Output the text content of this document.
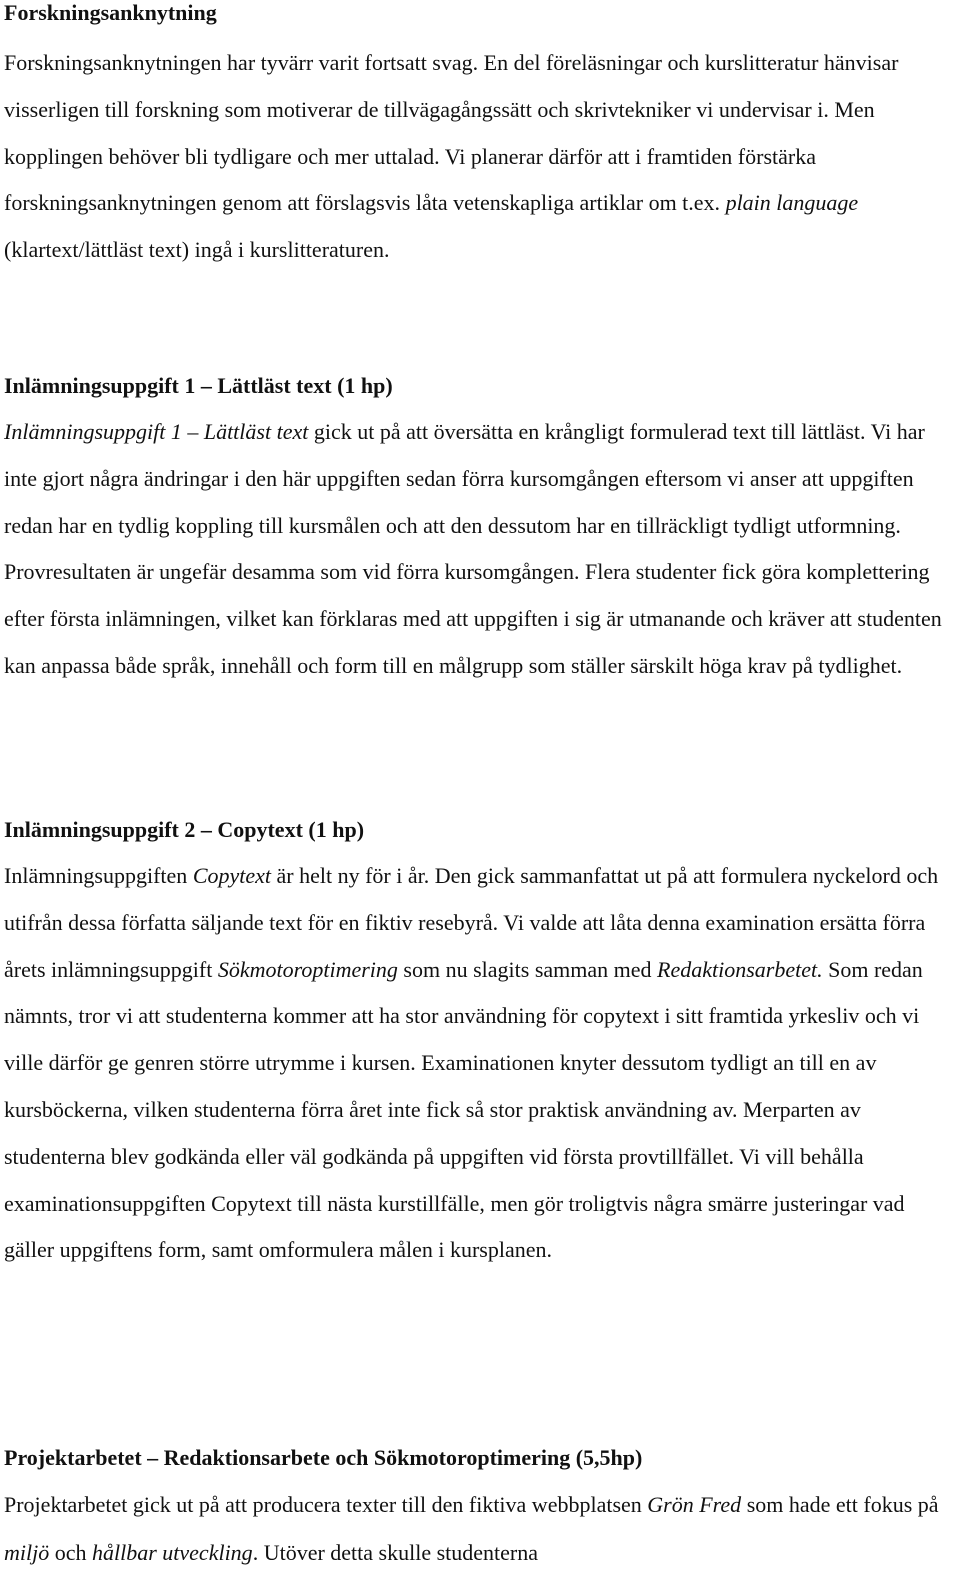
Forskningsanknytning

Forskningsanknytningen har tyvärr varit fortsatt svag. En del föreläsningar och kurslitteratur hänvisar visserligen till forskning som motiverar de tillvägagångssätt och skrivtekniker vi undervisar i. Men kopplingen behöver bli tydligare och mer uttalad. Vi planerar därför att i framtiden förstärka forskningsanknytningen genom att förslagsvis låta vetenskapliga artiklar om t.ex. plain language (klartext/lättläst text) ingå i kurslitteraturen.

Inlämningsuppgift 1 – Lättläst text (1 hp)

Inlämningsuppgift 1 – Lättläst text gick ut på att översätta en krångligt formulerad text till lättläst. Vi har inte gjort några ändringar i den här uppgiften sedan förra kursomgången eftersom vi anser att uppgiften redan har en tydlig koppling till kursmålen och att den dessutom har en tillräckligt tydligt utformning. Provresultaten är ungefär desamma som vid förra kursomgången. Flera studenter fick göra komplettering efter första inlämningen, vilket kan förklaras med att uppgiften i sig är utmanande och kräver att studenten kan anpassa både språk, innehåll och form till en målgrupp som ställer särskilt höga krav på tydlighet.

Inlämningsuppgift 2 – Copytext (1 hp)

Inlämningsuppgiften Copytext är helt ny för i år. Den gick sammanfattat ut på att formulera nyckelord och utifrån dessa författa säljande text för en fiktiv resebyrå. Vi valde att låta denna examination ersätta förra årets inlämningsuppgift Sökmotoroptimering som nu slagits samman med Redaktionsarbetet. Som redan nämnts, tror vi att studenterna kommer att ha stor användning för copytext i sitt framtida yrkesliv och vi ville därför ge genren större utrymme i kursen. Examinationen knyter dessutom tydligt an till en av kursböckerna, vilken studenterna förra året inte fick så stor praktisk användning av. Merparten av studenterna blev godkända eller väl godkända på uppgiften vid första provtillfället. Vi vill behålla examinationsuppgiften Copytext till nästa kurstillfälle, men gör troligtvis några smärre justeringar vad gäller uppgiftens form, samt omformulera målen i kursplanen.

Projektarbetet – Redaktionsarbete och Sökmotoroptimering (5,5hp)

Projektarbetet gick ut på att producera texter till den fiktiva webbplatsen Grön Fred som hade ett fokus på miljö och hållbar utveckling. Utöver detta skulle studenterna
